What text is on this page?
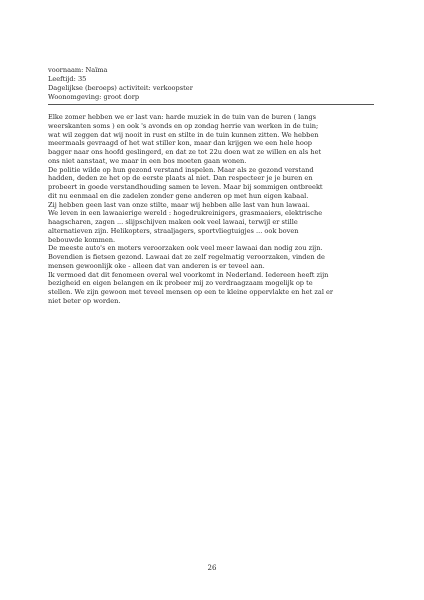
voornaam: Naïma
Leeftijd: 35
Dagelijkse (beroeps) activiteit: verkoopster
Woonomgeving: groot dorp
Elke zomer hebben we er last van: harde muziek in de tuin van de buren ( langs
weerskanten soms ) en ook 's avonds en op zondag herrie van werken in de tuin;
wat wil zeggen dat wij nooit in rust en stilte in de tuin kunnen zitten. We hebben
meermaals gevraagd of het wat stiller kon, maar dan krijgen we een hele hoop
bagger naar ons hoofd geslingerd, en dat ze tot 22u doen wat ze willen en als het
ons niet aanstaat, we maar in een bos moeten gaan wonen.
De politie wilde op hun gezond verstand inspelen. Maar als ze gezond verstand
hadden, deden ze het op de eerste plaats al niet. Dan respecteer je je buren en
probeert in goede verstandhouding samen te leven. Maar bij sommigen ontbreekt
dit nu eenmaal en die zadelen zonder gene anderen op met hun eigen kabaal.
Zij hebben geen last van onze stilte, maar wij hebben alle last van hun lawaai.
We leven in een lawaaierige wereld : hogedrukreinigers, grasmaaiers, elektrische
haagscharen, zagen ... slijpschijven maken ook veel lawaai, terwijl er stille
alternatieven zijn. Helikopters, straaljagers, sportvliegtuigjes ... ook boven
bebouwde kommen.
De meeste auto's en moters veroorzaken ook veel meer lawaai dan nodig zou zijn.
Bovendien is fietsen gezond. Lawaai dat ze zelf regelmatig veroorzaken, vinden de
mensen gewoonlijk oke - alleen dat van anderen is er teveel aan.
Ik vermoed dat dit fenomeen overal wel voorkomt in Nederland. Iedereen heeft zijn
bezigheid en eigen belangen en ik probeer mij zo verdraagzaam mogelijk op te
stellen. We zijn gewoon met teveel mensen op een te kleine oppervlakte en het zal er
niet beter op worden.
26
